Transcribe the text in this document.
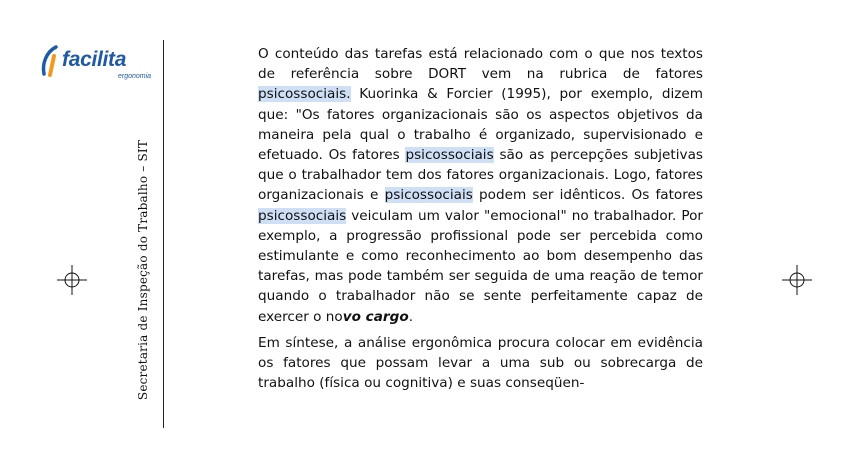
facilita
ergonomia
Secretaria de Inspeção do Trabalho – SIT

O conteúdo das tarefas está relacionado com o que nos textos de referência sobre DORT vem na rubrica de fatores psicossociais. Kuorinka & Forcier (1995), por exemplo, dizem que: "Os fatores organizacionais são os aspectos objetivos da maneira pela qual o trabalho é organizado, supervisionado e efetuado. Os fatores psicossociais são as percepções subjetivas que o trabalhador tem dos fatores organizacionais. Logo, fatores organizacionais e psicossociais podem ser idênticos. Os fatores psicossociais veiculam um valor "emocional" no trabalhador. Por exemplo, a progressão profissional pode ser percebida como estimulante e como reconhecimento ao bom desempenho das tarefas, mas pode também ser seguida de uma reação de temor quando o trabalhador não se sente perfeitamente capaz de exercer o novo cargo.

Em síntese, a análise ergonômica procura colocar em evidência os fatores que possam levar a uma sub ou sobrecarga de trabalho (física ou cognitiva) e suas conseqüen-
